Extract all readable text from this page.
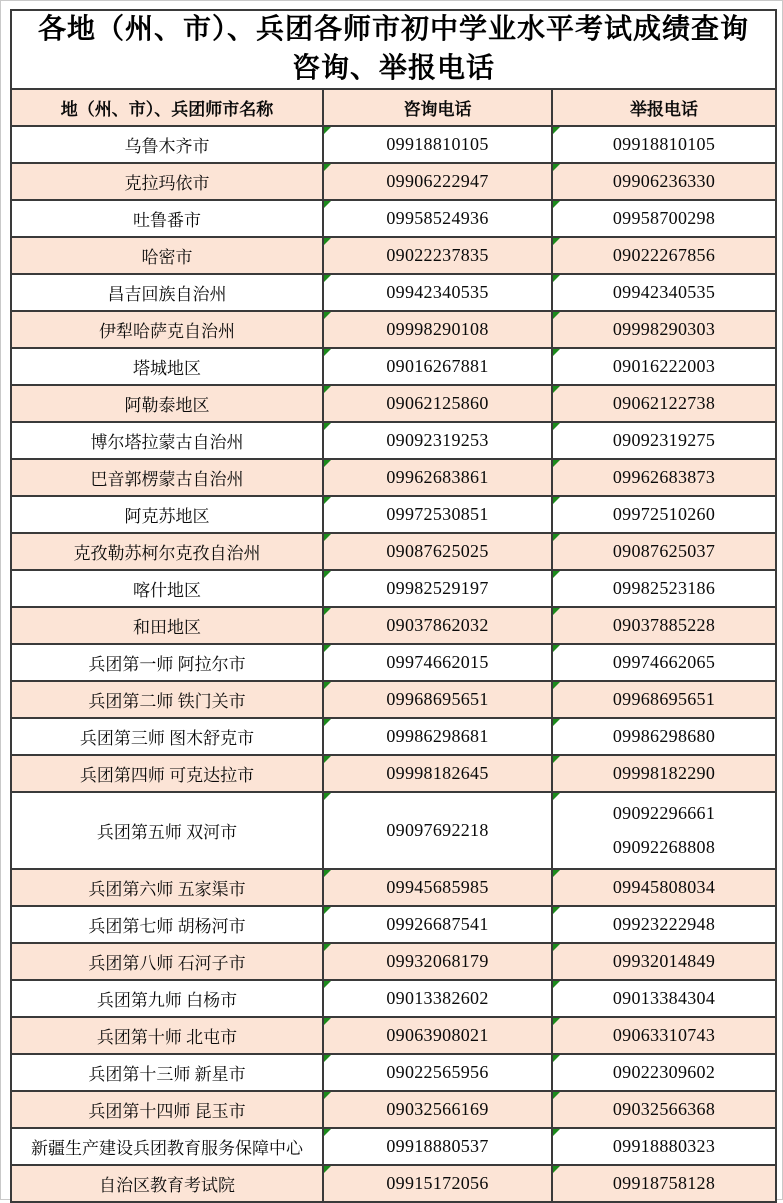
各地（州、市）、兵团各师市初中学业水平考试成绩查询
咨询、举报电话		

地（州、市）、兵团师市名称	咨询电话	举报电话
乌鲁木齐市	09918810105	09918810105

克拉玛依市	09906222947	09906236330

吐鲁番市	09958524936	09958700298

哈密市	09022237835	09022267856

昌吉回族自治州	09942340535	09942340535

伊犁哈萨克自治州	09998290108	09998290303

塔城地区	09016267881	09016222003

阿勒泰地区	09062125860	09062122738

博尔塔拉蒙古自治州	09092319253	09092319275

巴音郭楞蒙古自治州	09962683861	09962683873

阿克苏地区	09972530851	09972510260

克孜勒苏柯尔克孜自治州	09087625025	09087625037

喀什地区	09982529197	09982523186

和田地区	09037862032	09037885228

兵团第一师 阿拉尔市	09974662015	09974662065

兵团第二师 铁门关市	09968695651	09968695651

兵团第三师 图木舒克市	09986298681	09986298680

兵团第四师 可克达拉市	09998182645	09998182290

兵团第五师 双河市	09097692218	09092296661
09092268808

兵团第六师 五家渠市	09945685985	09945808034

兵团第七师 胡杨河市	09926687541	09923222948

兵团第八师 石河子市	09932068179	09932014849

兵团第九师 白杨市	09013382602	09013384304

兵团第十师 北屯市	09063908021	09063310743

兵团第十三师 新星市	09022565956	09022309602

兵团第十四师 昆玉市	09032566169	09032566368

新疆生产建设兵团教育服务保障中心	09918880537	09918880323

自治区教育考试院	09915172056	09918758128
